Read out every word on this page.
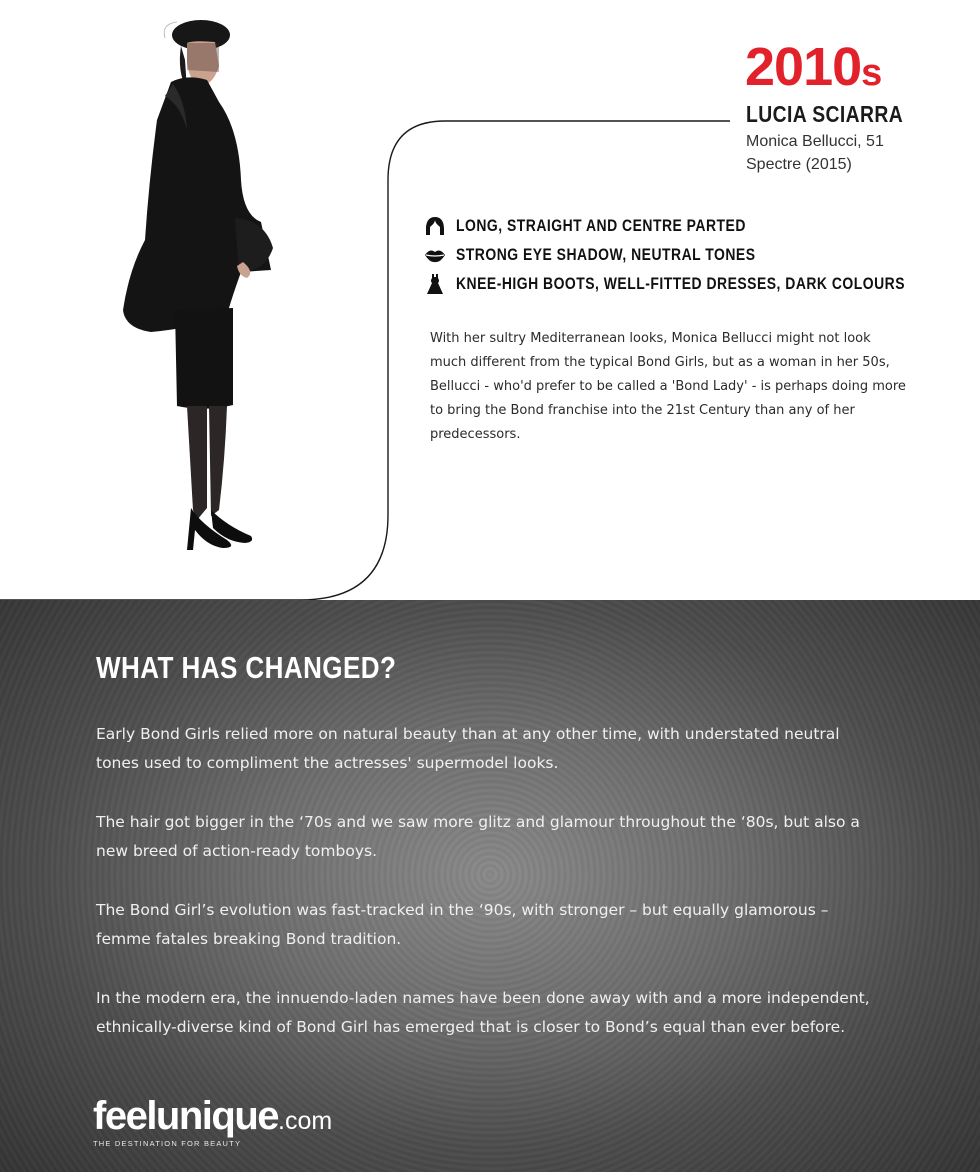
2010s
LUCIA SCIARRA
Monica Bellucci, 51
Spectre (2015)
LONG, STRAIGHT AND CENTRE PARTED
STRONG EYE SHADOW, NEUTRAL TONES
KNEE-HIGH BOOTS, WELL-FITTED DRESSES, DARK COLOURS

With her sultry Mediterranean looks, Monica Bellucci might not look much different from the typical Bond Girls, but as a woman in her 50s, Bellucci - who'd prefer to be called a 'Bond Lady' - is perhaps doing more to bring the Bond franchise into the 21st Century than any of her predecessors.

WHAT HAS CHANGED?

Early Bond Girls relied more on natural beauty than at any other time, with understated neutral tones used to compliment the actresses' supermodel looks.

The hair got bigger in the ‘70s and we saw more glitz and glamour throughout the ‘80s, but also a new breed of action-ready tomboys.

The Bond Girl’s evolution was fast-tracked in the ‘90s, with stronger – but equally glamorous – femme fatales breaking Bond tradition.

In the modern era, the innuendo-laden names have been done away with and a more independent, ethnically-diverse kind of Bond Girl has emerged that is closer to Bond’s equal than ever before.

feelunique.com
THE DESTINATION FOR BEAUTY
